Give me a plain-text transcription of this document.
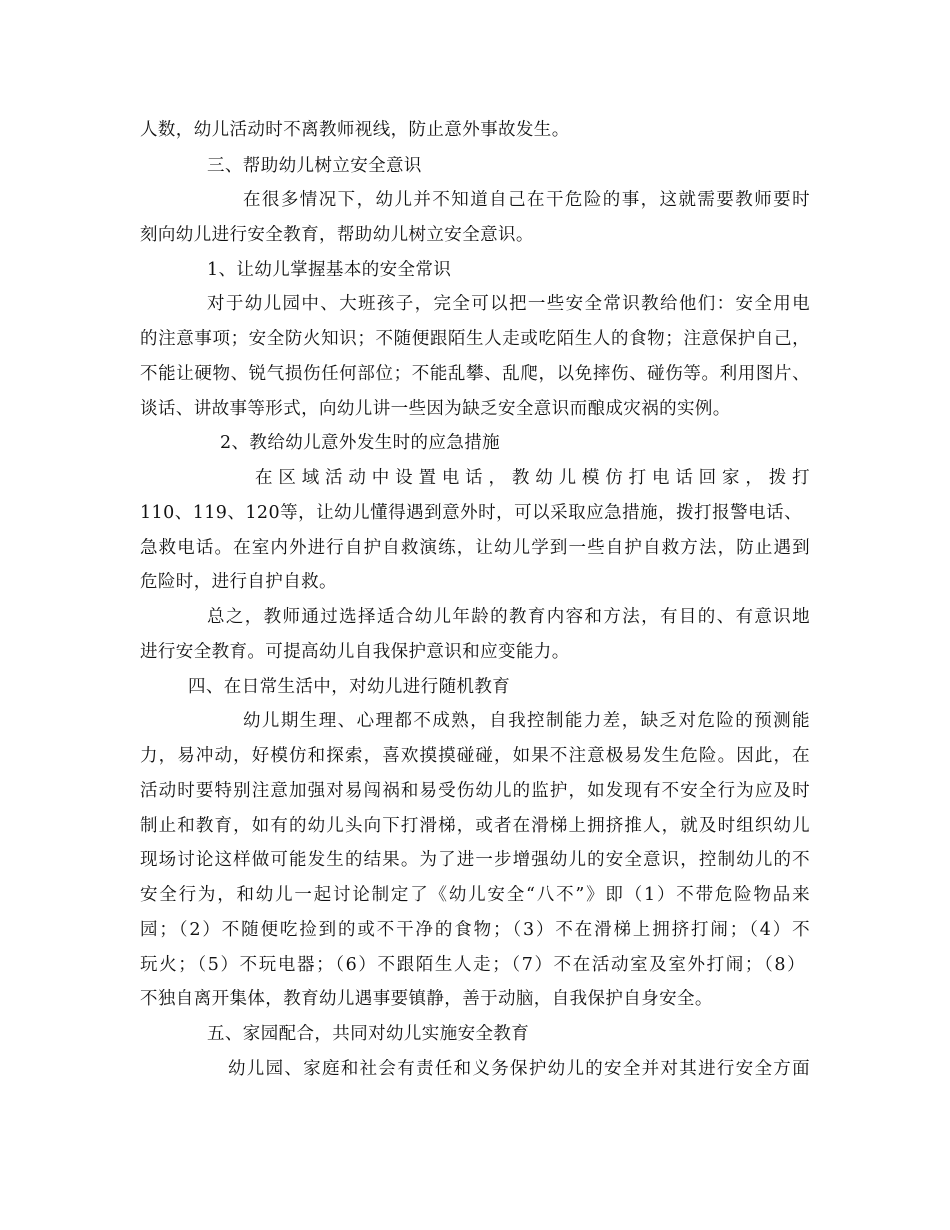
人数，幼儿活动时不离教师视线，防止意外事故发生。
三、帮助幼儿树立安全意识
在很多情况下，幼儿并不知道自己在干危险的事，这就需要教师要时
刻向幼儿进行安全教育，帮助幼儿树立安全意识。
1、让幼儿掌握基本的安全常识
对于幼儿园中、大班孩子，完全可以把一些安全常识教给他们：安全用电
的注意事项；安全防火知识；不随便跟陌生人走或吃陌生人的食物；注意保护自己，
不能让硬物、锐气损伤任何部位；不能乱攀、乱爬，以免摔伤、碰伤等。利用图片、
谈话、讲故事等形式，向幼儿讲一些因为缺乏安全意识而酿成灾祸的实例。
2、教给幼儿意外发生时的应急措施
在区域活动中设置电话，教幼儿模仿打电话回家，拨打
110、119、120等，让幼儿懂得遇到意外时，可以采取应急措施，拨打报警电话、
急救电话。在室内外进行自护自救演练，让幼儿学到一些自护自救方法，防止遇到
危险时，进行自护自救。
总之，教师通过选择适合幼儿年龄的教育内容和方法，有目的、有意识地
进行安全教育。可提高幼儿自我保护意识和应变能力。
四、在日常生活中，对幼儿进行随机教育
幼儿期生理、心理都不成熟，自我控制能力差，缺乏对危险的预测能
力，易冲动，好模仿和探索，喜欢摸摸碰碰，如果不注意极易发生危险。因此，在
活动时要特别注意加强对易闯祸和易受伤幼儿的监护，如发现有不安全行为应及时
制止和教育，如有的幼儿头向下打滑梯，或者在滑梯上拥挤推人，就及时组织幼儿
现场讨论这样做可能发生的结果。为了进一步增强幼儿的安全意识，控制幼儿的不
安全行为，和幼儿一起讨论制定了《幼儿安全“八不”》即（1）不带危险物品来
园；（2）不随便吃捡到的或不干净的食物；（3）不在滑梯上拥挤打闹；（4）不
玩火；（5）不玩电器；（6）不跟陌生人走；（7）不在活动室及室外打闹；（8）
不独自离开集体，教育幼儿遇事要镇静，善于动脑，自我保护自身安全。
五、家园配合，共同对幼儿实施安全教育
幼儿园、家庭和社会有责任和义务保护幼儿的安全并对其进行安全方面
